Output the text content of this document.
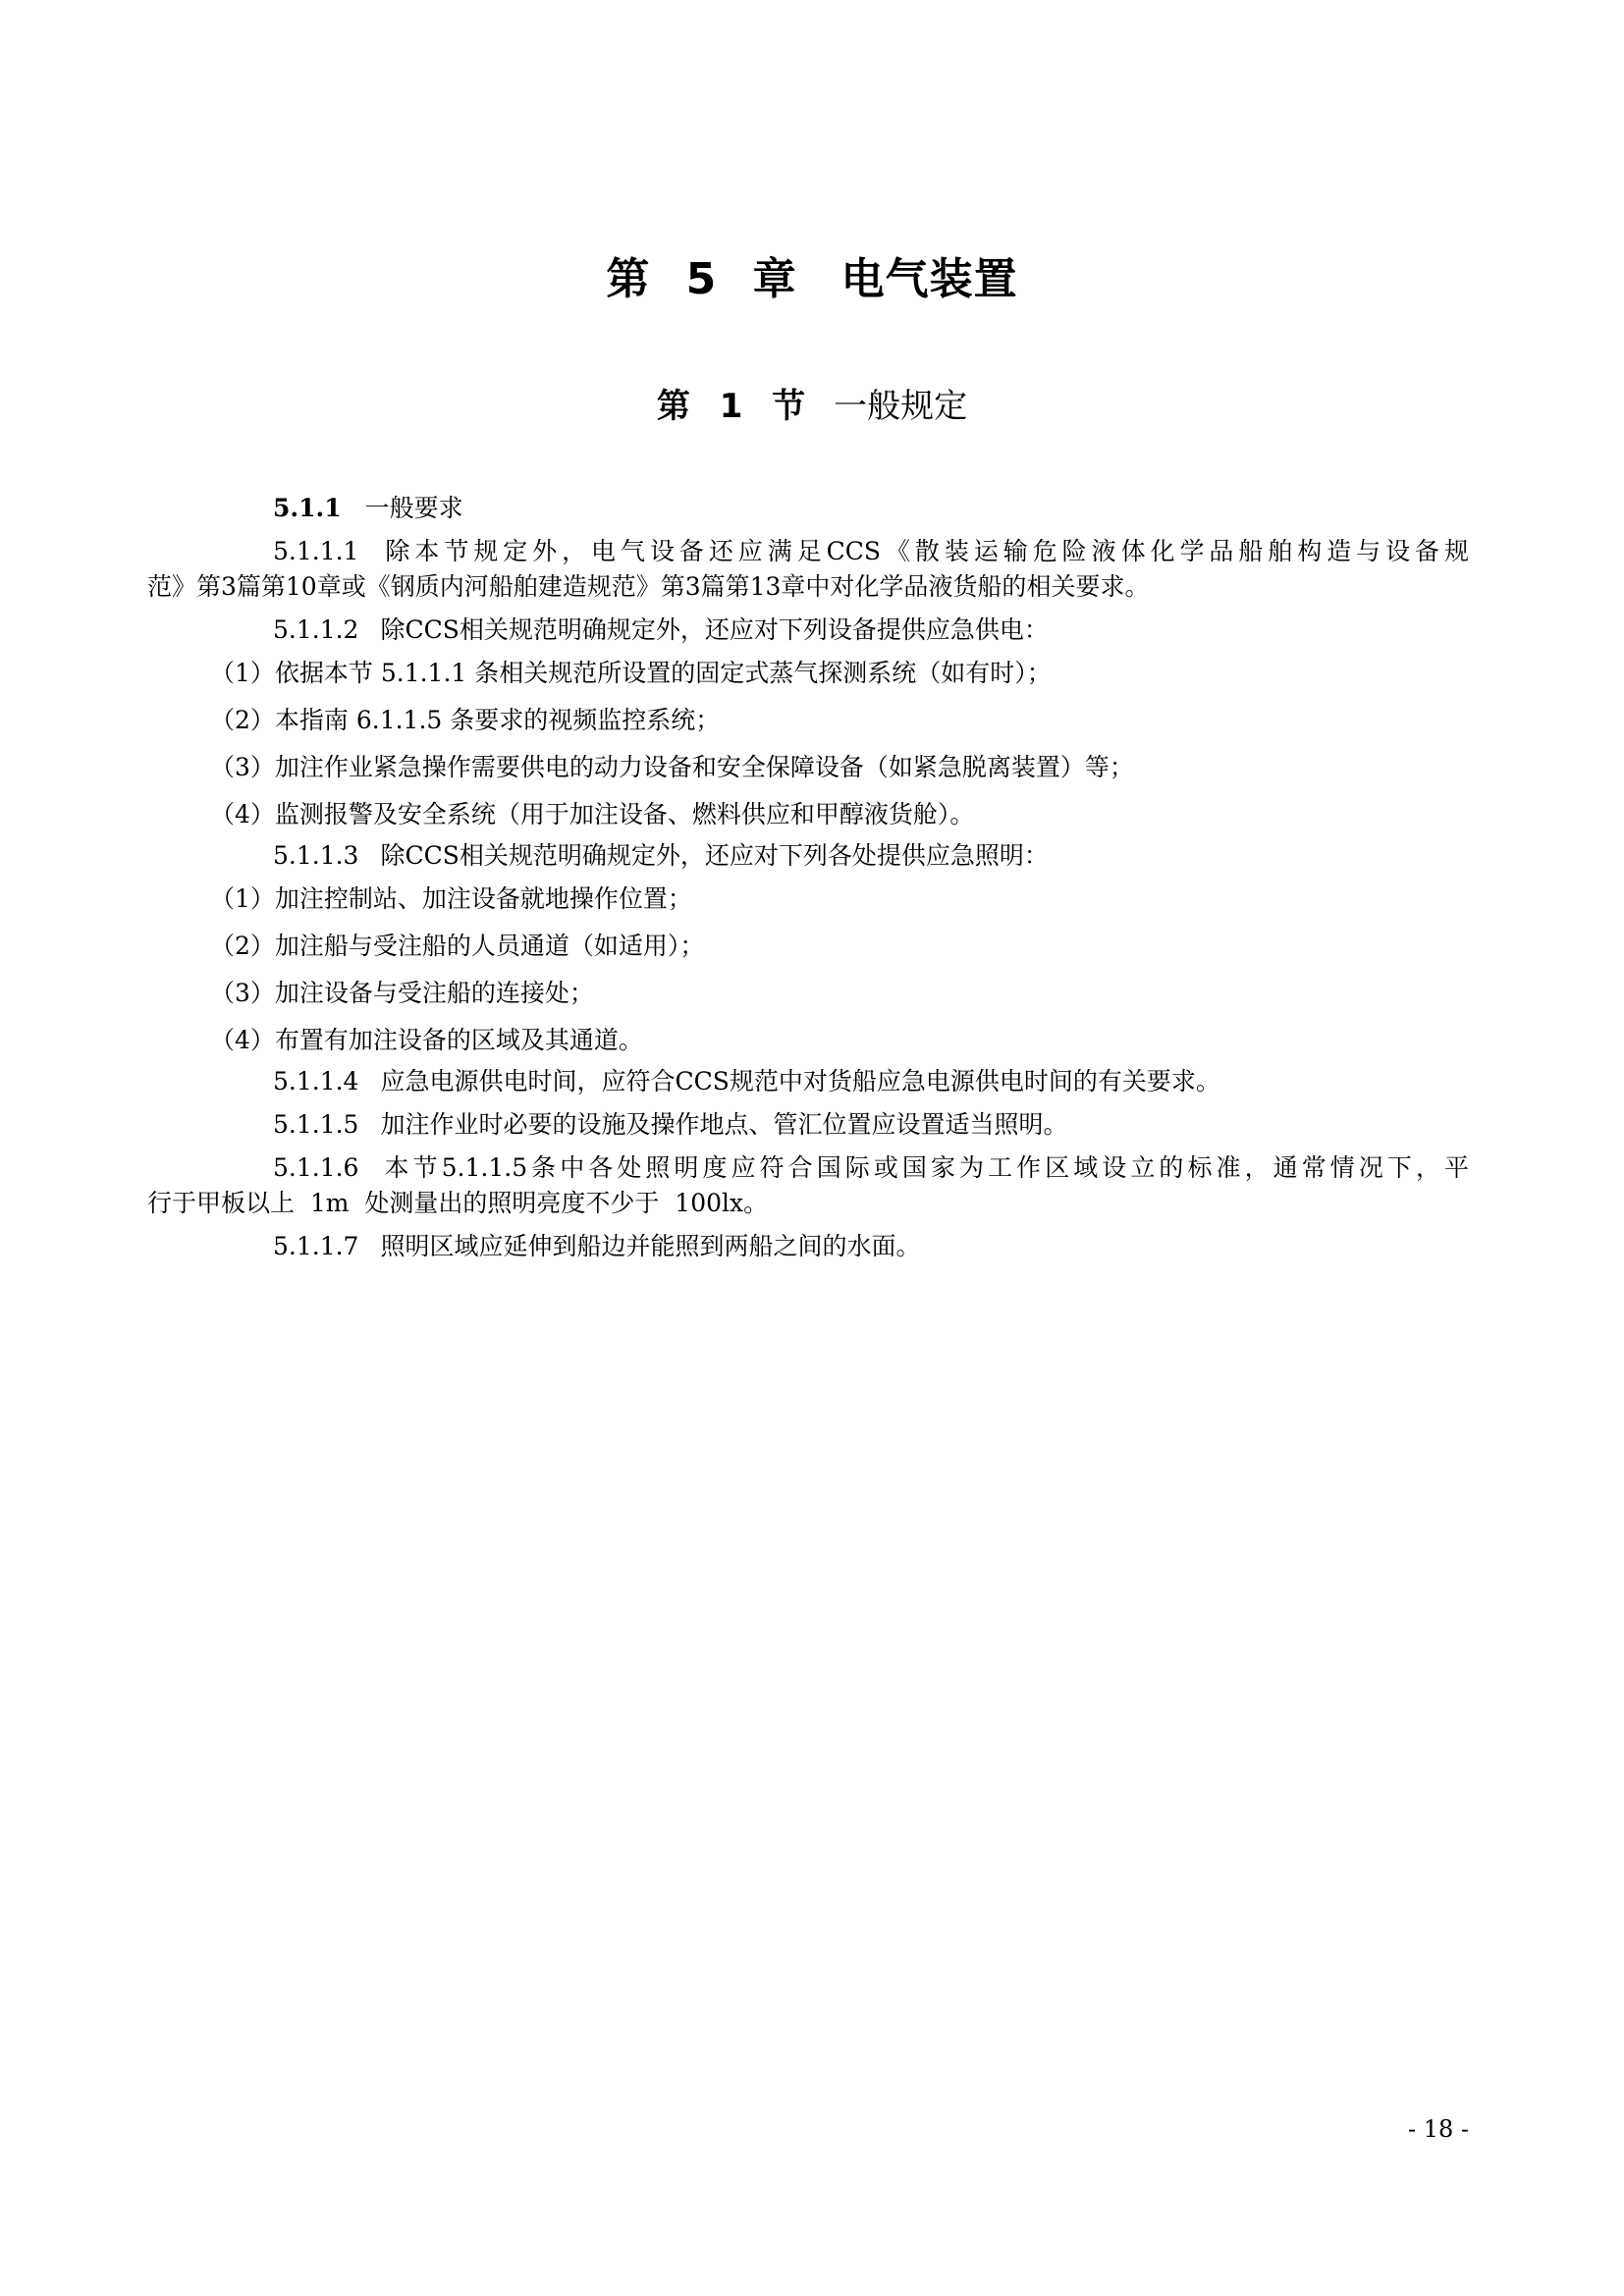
第 5 章　电气装置
第 1 节 一般规定
5.1.1 一般要求
5.1.1.1 除本节规定外，电气设备还应满足CCS《散装运输危险液体化学品船舶构造与设备规
范》第3篇第10章或《钢质内河船舶建造规范》第3篇第13章中对化学品液货船的相关要求。
5.1.1.2 除CCS相关规范明确规定外，还应对下列设备提供应急供电：
（1）依据本节 5.1.1.1 条相关规范所设置的固定式蒸气探测系统（如有时）；
（2）本指南 6.1.1.5 条要求的视频监控系统；
（3）加注作业紧急操作需要供电的动力设备和安全保障设备（如紧急脱离装置）等；
（4）监测报警及安全系统（用于加注设备、燃料供应和甲醇液货舱）。
5.1.1.3 除CCS相关规范明确规定外，还应对下列各处提供应急照明：
（1）加注控制站、加注设备就地操作位置；
（2）加注船与受注船的人员通道（如适用）；
（3）加注设备与受注船的连接处；
（4）布置有加注设备的区域及其通道。
5.1.1.4 应急电源供电时间，应符合CCS规范中对货船应急电源供电时间的有关要求。
5.1.1.5 加注作业时必要的设施及操作地点、管汇位置应设置适当照明。
5.1.1.6 本节5.1.1.5条中各处照明度应符合国际或国家为工作区域设立的标准，通常情况下，平
行于甲板以上  1m  处测量出的照明亮度不少于  100lx。
5.1.1.7 照明区域应延伸到船边并能照到两船之间的水面。
- 18 -
